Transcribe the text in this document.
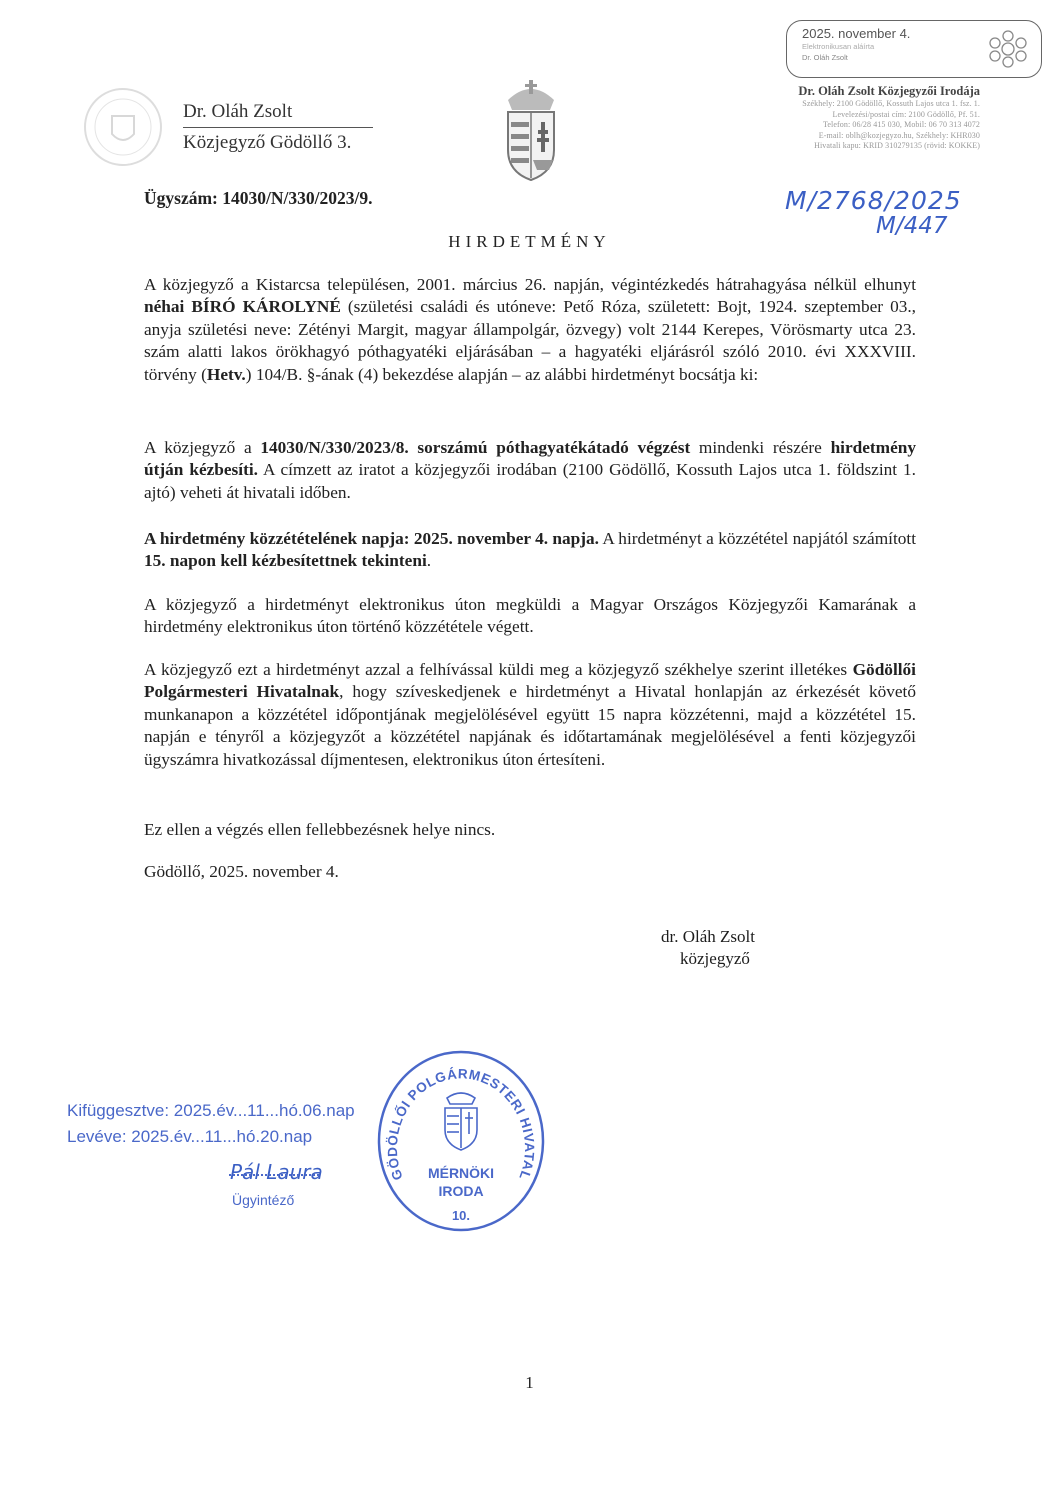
Dr. Oláh Zsolt
Közjegyző Gödöllő 3.
Dr. Oláh Zsolt Közjegyzői Irodája
Székhely: 2100 Gödöllő, Kossuth Lajos utca 1. fsz. 1.
Levelezési/postai cím: 2100 Gödöllő, Pf. 51.
Telefon: 06/28 415 030, Mobil: 06 70 313 4072
E-mail: oblh@kozjegyzo.hu, Székhely: KHR030
Hivatali kapu: KRID 310279135 (rövid: KOKKE)
2025. november 4.
Elektronikusan aláírta
Dr. Oláh Zsolt
M/2768/2025
M/447
Ügyszám: 14030/N/330/2023/9.
HIRDETMÉNY
A közjegyző a Kistarcsa településen, 2001. március 26. napján, végintézkedés hátrahagyása nélkül elhunyt néhai BÍRÓ KÁROLYNÉ (születési családi és utóneve: Pető Róza, született: Bojt, 1924. szeptember 03., anyja születési neve: Zétényi Margit, magyar állampolgár, özvegy) volt 2144 Kerepes, Vörösmarty utca 23. szám alatti lakos örökhagyó póthagyatéki eljárásában – a hagyatéki eljárásról szóló 2010. évi XXXVIII. törvény (Hetv.) 104/B. §-ának (4) bekezdése alapján – az alábbi hirdetményt bocsátja ki:
A közjegyző a 14030/N/330/2023/8. sorszámú póthagyatékátadó végzést mindenki részére hirdetmény útján kézbesíti. A címzett az iratot a közjegyzői irodában (2100 Gödöllő, Kossuth Lajos utca 1. földszint 1. ajtó) veheti át hivatali időben.
A hirdetmény közzétételének napja: 2025. november 4. napja. A hirdetményt a közzététel napjától számított 15. napon kell kézbesítettnek tekinteni.
A közjegyző a hirdetményt elektronikus úton megküldi a Magyar Országos Közjegyzői Kamarának a hirdetmény elektronikus úton történő közzététele végett.
A közjegyző ezt a hirdetményt azzal a felhívással küldi meg a közjegyző székhelye szerint illetékes Gödöllői Polgármesteri Hivatalnak, hogy szíveskedjenek e hirdetményt a Hivatal honlapján az érkezését követő munkanapon a közzététel időpontjának megjelölésével együtt 15 napra közzétenni, majd a közzététel 15. napján e tényről a közjegyzőt a közzététel napjának és időtartamának megjelölésével a fenti közjegyzői ügyszámra hivatkozással díjmentesen, elektronikus úton értesíteni.
Ez ellen a végzés ellen fellebbezésnek helye nincs.
Gödöllő, 2025. november 4.
dr. Oláh Zsolt
közjegyző
Kifüggesztve: 2025.év...11...hó.06.nap
Levéve: 2025.év...11...hó.20.nap
Pál Laura
Ügyintéző
GÖDÖLLŐI POLGÁRMESTERI HIVATAL
MÉRNÖKI
IRODA
10.
1
